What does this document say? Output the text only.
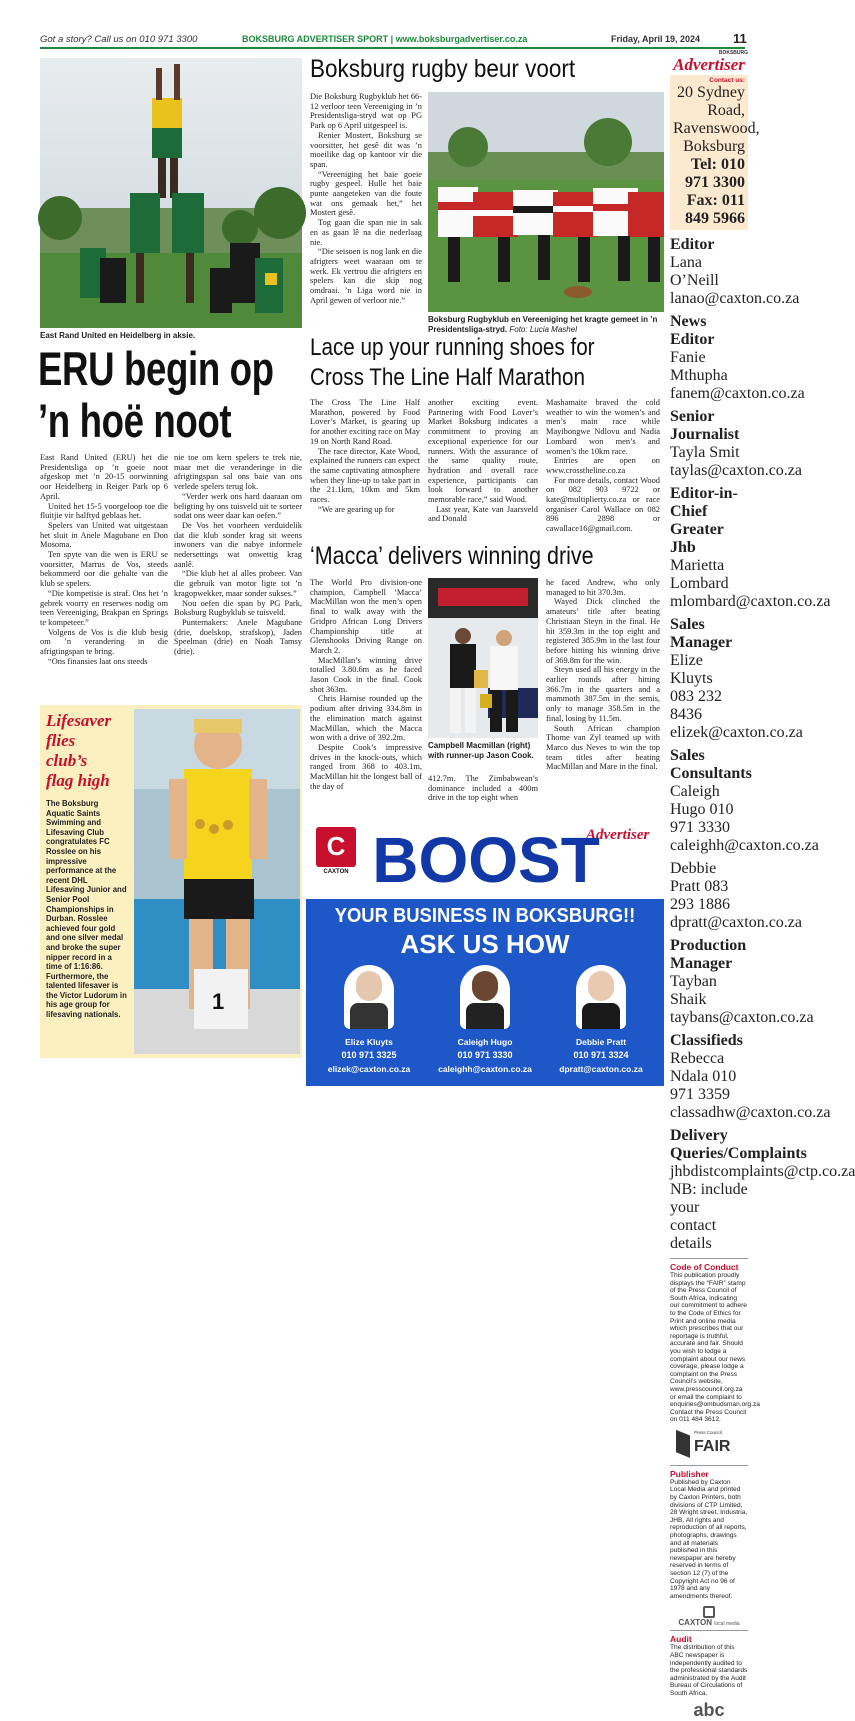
Got a story? Call us on 010 971 3300	BOKSBURG ADVERTISER SPORT | www.boksburgadvertiser.co.za	Friday, April 19, 2024	11
East Rand United en Heidelberg in aksie.
ERU begin op
’n hoë noot

East Rand United (ERU) het die Presidentsliga op ’n goeie noot afgeskop met ’n 20-15 oorwinning oor Heidelberg in Reiger Park op 6 April.

United het 15-5 voorgeloop toe die fluitjie vir halftyd geblaas het.

Spelers van United wat uitgestaan het sluit in Anele Magubane en Don Mosoma.

Ten spyte van die wen is ERU se voorsitter, Marrus de Vos, steeds bekommerd oor die gehalte van die klub se spelers.

“Die kompetisie is straf. Ons het ’n gebrek voorry en reserwes nodig om teen Vereeniging, Brakpan en Springs te kompeteer.”

Volgens de Vos is die klub besig om ’n verandering in die afrigtingspan te bring.

“Ons finansies laat ons steeds

nie toe om kern spelers te trek nie, maar met die veranderinge in die afrigtingspan sal ons baie van ons verlede spelers terug lok.

“Verder werk ons hard daaraan om beligting by ons tuisveld uit te sorteer sodat ons weer daar kan oefen.”

De Vos het voorheen verduidelik dat die klub sonder krag sit weens inwoners van die nabye informele nedersettings wat onwettig krag aanlê.

“Die klub het al alles probeer. Van die gebruik van motor ligte tot ’n kragopwekker, maar sonder sukses.”

Nou oefen die span by PG Park, Boksburg Rugbyklub se tuisveld.

Punternakers: Anele Magubane (drie, doelskop, strafskop), Jaden Speelman (drie) en Noah Tamsy (drie).

Boksburg rugby beur voort

Die Boksburg Rugbyklub het 66-12 verloor teen Vereeniging in ’n Presidentsliga-stryd wat op PG Park op 6 April uitgespeel is.

Renier Mostert, Boksburg se voorsitter, het gesê dit was ’n moeilike dag op kantoor vir die span.

“Vereeniging het baie goeie rugby gespeel. Hulle het baie punte aangeteken van die foute wat ons gemaak het,” het Mostert gesê.

Tog gaan die span nie in sak en as gaan lê na die nederlaag nie.

“Die seisoen is nog lank en die afrigters weet waaraan om te werk. Ek vertrou die afrigters en spelers kan die skip nog omdraai. ’n Liga word nie in April gewen of verloor nie.”

Boksburg Rugbyklub en Vereeniging het kragte gemeet in ’n Presidentsliga-stryd. Foto: Lucia Mashel
Lace up your running shoes for
Cross The Line Half Marathon

The Cross The Line Half Marathon, powered by Food Lover’s Market, is gearing up for another exciting race on May 19 on North Rand Road.

The race director, Kate Wood, explained the runners can expect the same captivating atmosphere when they line-up to take part in the 21.1km, 10km and 5km races.

“We are gearing up for

another exciting event. Partnering with Food Lover’s Market Boksburg indicates a commitment to proving an exceptional experience for our runners. With the assurance of the same quality route, hydration and overall race experience, participants can look forward to another memorable race,” said Wood.

Last year, Kate van Jaarsveld and Donald

Mashamaite braved the cold weather to win the women’s and men’s main race while Mayibongwe Ndlovu and Nadia Lombard won men’s and women’s the 10km race.

Entries are open on www.crosstheline.co.za

For more details, contact Wood on 082 903 9722 or kate@multiplierty.co.za or race organiser Carol Wallace on 082 896 2898 or cawallace16@gmail.com.

‘Macca’ delivers winning drive

The World Pro division-one champion, Campbell ‘Macca’ MacMillan won the men’s open final to walk away with the Gridpro African Long Drivers Championship title at Glenshooks Driving Range on March 2.

MacMillan’s winning drive totalled 3.80.6m as he faced Jason Cook in the final. Cook shot 363m.

Chris Harnise rounded up the podium after driving 334.8m in the elimination match against MacMillan, which the Macca won with a drive of 392.2m.

Despite Cook’s impressive drives in the knock-outs, which ranged from 368 to 403.1m, MacMillan hit the longest ball of the day of

Campbell Macmillan (right) with runner-up Jason Cook.

412.7m. The Zimbabwean’s dominance included a 400m drive in the top eight when

he faced Andrew, who only managed to hit 370.3m.

Wayed Dick clinched the amateurs’ title after beating Christiaan Steyn in the final. He hit 359.3m in the top eight and registered 385.9m in the last four before hitting his winning drive of 369.8m for the win.

Steyn used all his energy in the earlier rounds after hitting 366.7m in the quarters and a mammoth 387.5m in the semis, only to manage 358.5m in the final, losing by 11.5m.

South African champion Thome van Zyl teamed up with Marco dus Neves to win the top team titles after beating MacMillan and Mare in the final.

Lifesaver
flies
club’s
flag high
The Boksburg Aquatic Saints Swimming and Lifesaving Club congratulates FC Rosslee on his impressive performance at the recent DHL Lifesaving Junior and Senior Pool Championships in Durban. Rosslee achieved four gold and one silver medal and broke the super nipper record in a time of 1:16:86. Furthermore, the talented lifesaver is the Victor Ludorum in his age group for lifesaving nationals.
1
C
CAXTON
Advertiser
BOOST
YOUR BUSINESS IN BOKSBURG!!
ASK US HOW
Elize Kluyts
010 971 3325
elizek@caxton.co.za
Caleigh Hugo
010 971 3330
caleighh@caxton.co.za
Debbie Pratt
010 971 3324
dpratt@caxton.co.za
BOKSBURG
Advertiser
Contact us:
20 Sydney Road,
Ravenswood, Boksburg
Tel: 010 971 3300
Fax: 011 849 5966
Editor
Lana O’Neill
lanao@caxton.co.za
News Editor
Fanie Mthupha
fanem@caxton.co.za
Senior Journalist
Tayla Smit
taylas@caxton.co.za
Editor-in-Chief Greater Jhb
Marietta Lombard
mlombard@caxton.co.za
Sales Manager
Elize Kluyts
083 232 8436 elizek@caxton.co.za
Sales Consultants
Caleigh Hugo 010 971 3330
caleighh@caxton.co.za
Debbie Pratt 083 293 1886
dpratt@caxton.co.za
Production Manager
Tayban Shaik
taybans@caxton.co.za
Classifieds
Rebecca Ndala 010 971 3359
classadhw@caxton.co.za
Delivery Queries/Complaints
jhbdistcomplaints@ctp.co.za
NB: include your contact details
Code of Conduct
This publication proudly displays the “FAIR” stamp of the Press Council of South Africa, indicating our commitment to adhere to the Code of Ethics for Print and online media which prescribes that our reportage is truthful, accurate and fair. Should you wish to lodge a complaint about our news coverage, please lodge a complaint on the Press Council’s website, www.presscouncil.org.za or email the complaint to enquiries@ombudsman.org.za Contact the Press Council on 011 484 3612.
Press Council
FAIR
Publisher
Published by Caxton Local Media and printed by Caxton Printers, both divisions of CTP Limited, 28 Wright street, Industria, JHB. All rights and reproduction of all reports, photographs, drawings and all materials published in this newspaper are hereby reserved in terms of section 12 (7) of the Copyright Act no 96 of 1978 and any amendments thereof.
CAXTON local media
Audit
The distribution of this ABC newspaper is independently audited to the professional standards administrated by the Audit Bureau of Circulations of South Africa.
abc
